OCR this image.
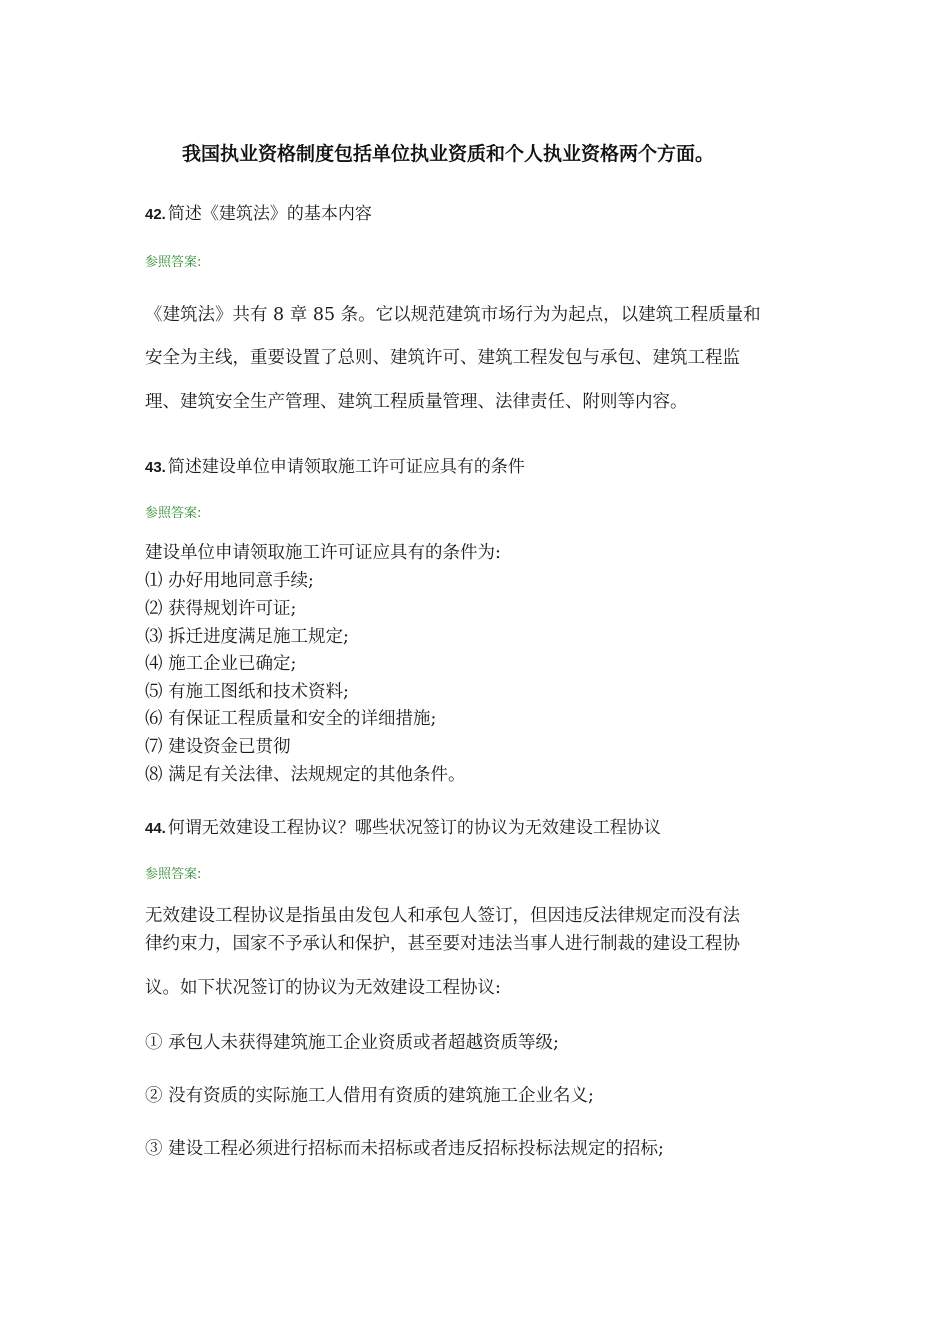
我国执业资格制度包括单位执业资质和个人执业资格两个方面。

42. 简述《建筑法》的基本内容

参照答案:

《建筑法》共有 8 章 85 条。它以规范建筑市场行为为起点，以建筑工程质量和

安全为主线，重要设置了总则、建筑许可、建筑工程发包与承包、建筑工程监

理、建筑安全生产管理、建筑工程质量管理、法律责任、附则等内容。

43. 简述建设单位申请领取施工许可证应具有的条件

参照答案:

建设单位申请领取施工许可证应具有的条件为:

⑴ 办好用地同意手续;

⑵ 获得规划许可证;

⑶ 拆迁进度满足施工规定;

⑷ 施工企业已确定;

⑸ 有施工图纸和技术资料;

⑹ 有保证工程质量和安全的详细措施;

⑺ 建设资金已贯彻

⑻ 满足有关法律、法规规定的其他条件。

44. 何谓无效建设工程协议？哪些状况签订的协议为无效建设工程协议

参照答案:

无效建设工程协议是指虽由发包人和承包人签订，但因违反法律规定而没有法

律约束力，国家不予承认和保护，甚至要对违法当事人进行制裁的建设工程协

议。如下状况签订的协议为无效建设工程协议:

① 承包人未获得建筑施工企业资质或者超越资质等级;

② 没有资质的实际施工人借用有资质的建筑施工企业名义;

③ 建设工程必须进行招标而未招标或者违反招标投标法规定的招标;
